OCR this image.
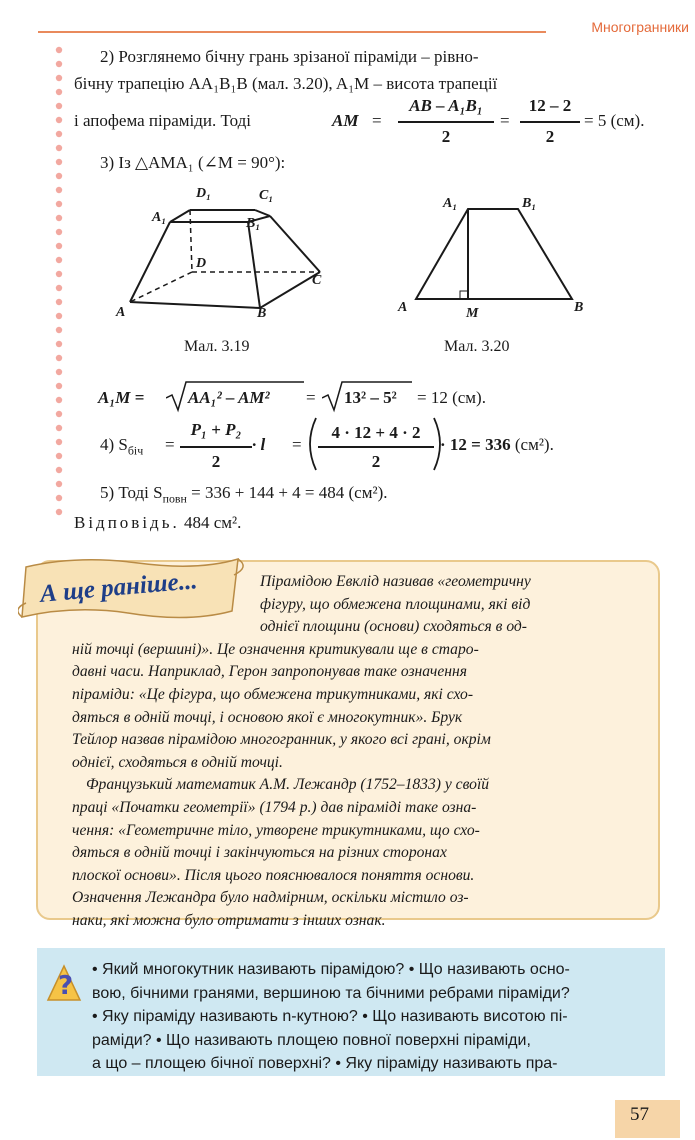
Многогранники
2) Розглянемо бічну грань зрізаної піраміди – рівно-
бічну трапецію AA₁B₁B (мал. 3.20), A₁M – висота трапеції
і апофема піраміди. Тоді	AM =
AB – A₁B₁
2
=
12 – 2
2
= 5 (см).
3) Із △AMA₁ (∠M = 90°):
D₁	C₁
A₁	B₁
D
C
A	B
Мал. 3.19
A₁	B₁
A	M	B
Мал. 3.20
A₁M =	AA₁² – AM² = 13² – 5² = 12 (см).
4) $S_{біч}$ =
P₁ + P₂
2
· l =
4 · 12 + 4 · 2
2
· 12 = 336 (см²).
5) Тоді $S_{повн} = 336 + 144 + 4 = 484$ (см²).
Відповідь. 484 см².
А ще раніше...	Пірамідою Евклід називав «геометричну
фігуру, що обмежена площинами, які від
однієї площини (основи) сходяться в од-
ній точці (вершині)». Це означення критикували ще в старо-
давні часи. Наприклад, Герон запропонував таке означення
піраміди: «Це фігура, що обмежена трикутниками, які схо-
дяться в одній точці, і основою якої є многокутник». Брук
Тейлор назвав пірамідою многогранник, у якого всі грані, окрім
однієї, сходяться в одній точці.
Французький математик А.М. Лежандр (1752–1833) у своїй
праці «Початки геометрії» (1794 р.) дав піраміді таке озна-
чення: «Геометричне тіло, утворене трикутниками, що схо-
дяться в одній точці і закінчуються на різних сторонах
плоскої основи». Після цього пояснювалося поняття основи.
Означення Лежандра було надмірним, оскільки містило оз-
наки, які можна було отримати з інших ознак.
?
• Який многокутник називають пірамідою? • Що називають осно-
вою, бічними гранями, вершиною та бічними ребрами піраміди?
• Яку піраміду називають n-кутною? • Що називають висотою пі-
раміди? • Що називають площею повної поверхні піраміди,
а що – площею бічної поверхні? • Яку піраміду називають пра-
57
